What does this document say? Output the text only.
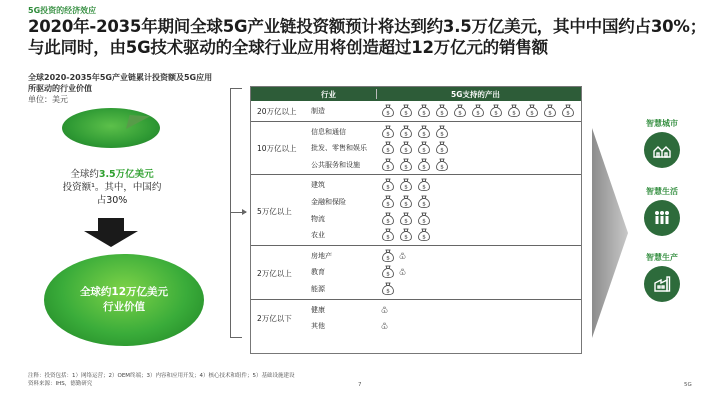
5G投资的经济效应
2020年-2035年期间全球5G产业链投资额预计将达到约3.5万亿美元，其中中国约占30%；与此同时，由5G技术驱动的全球行业应用将创造超过12万亿元的销售额
全球2020-2035年5G产业链累计投资额及5G应用所驱动的行业价值
单位：美元
全球约3.5万亿美元
投资额¹。其中，中国约占30%
全球约12万亿美元
行业价值
行业	5G支持的产出
20万亿以上 制造	$	$	$	$	$	$	$	$	$	$	$
10万亿以上
信息和通信	$	$	$	$
批发、零售和娱乐	$	$	$	$
公共服务和设施	$	$	$	$
5万亿以上
建筑	$	$	$
金融和保险	$	$	$
物流	$	$	$
农业	$	$	$
2万亿以上
房地产	$ $
教育	$ $
能源	$
2万亿以下
健康	$
其他	$
智慧城市
智慧生活
智慧生产
注释：投资包括：1）网络运营；2）OEM终端；3）内容和应用开发；4）核心技术和组件；5）基础设施建设
资料来源：IHS，德勤研究	7	5G
